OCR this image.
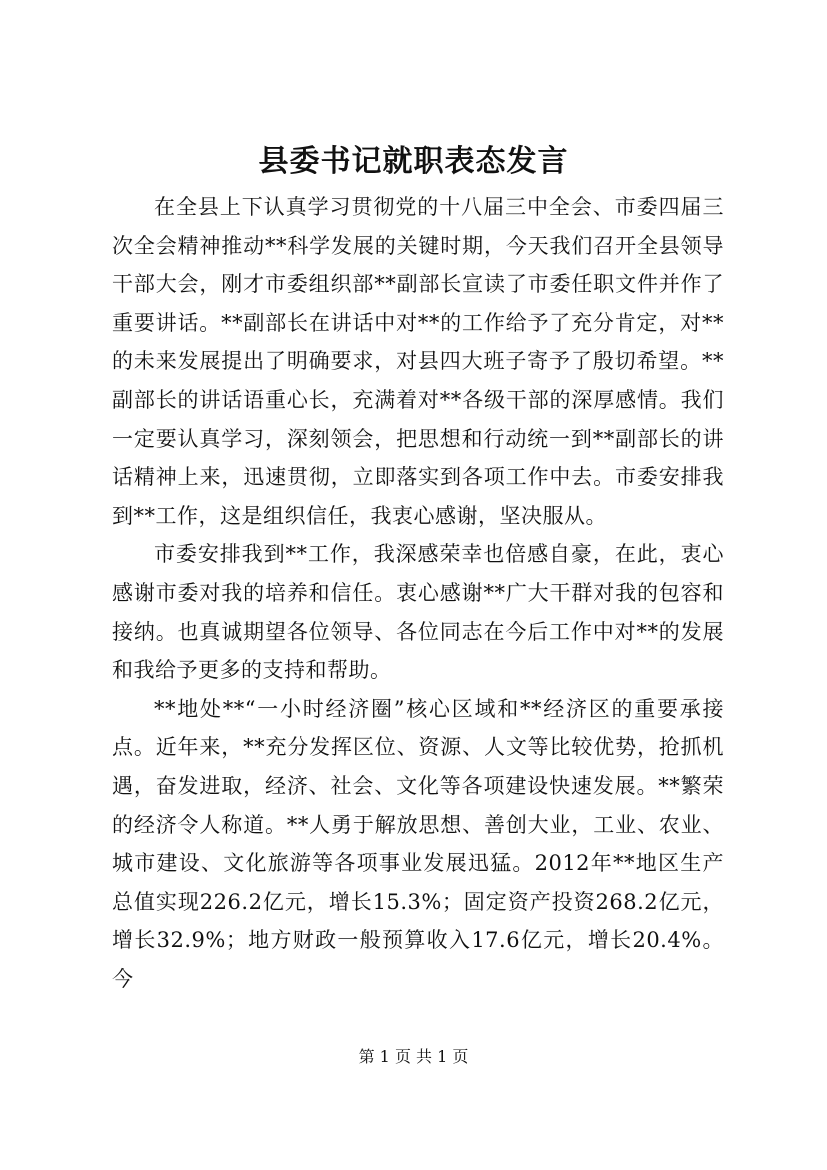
县委书记就职表态发言

在全县上下认真学习贯彻党的十八届三中全会、市委四届三次全会精神推动**科学发展的关键时期，今天我们召开全县领导干部大会，刚才市委组织部**副部长宣读了市委任职文件并作了重要讲话。**副部长在讲话中对**的工作给予了充分肯定，对**的未来发展提出了明确要求，对县四大班子寄予了殷切希望。**副部长的讲话语重心长，充满着对**各级干部的深厚感情。我们一定要认真学习，深刻领会，把思想和行动统一到**副部长的讲话精神上来，迅速贯彻，立即落实到各项工作中去。市委安排我到**工作，这是组织信任，我衷心感谢，坚决服从。

市委安排我到**工作，我深感荣幸也倍感自豪，在此，衷心感谢市委对我的培养和信任。衷心感谢**广大干群对我的包容和接纳。也真诚期望各位领导、各位同志在今后工作中对**的发展和我给予更多的支持和帮助。

**地处**“一小时经济圈”核心区域和**经济区的重要承接点。近年来，**充分发挥区位、资源、人文等比较优势，抢抓机遇，奋发进取，经济、社会、文化等各项建设快速发展。**繁荣的经济令人称道。**人勇于解放思想、善创大业，工业、农业、城市建设、文化旅游等各项事业发展迅猛。2012年**地区生产总值实现226.2亿元，增长15.3%；固定资产投资268.2亿元，增长32.9%；地方财政一般预算收入17.6亿元，增长20.4%。今

第 1 页 共 1 页
